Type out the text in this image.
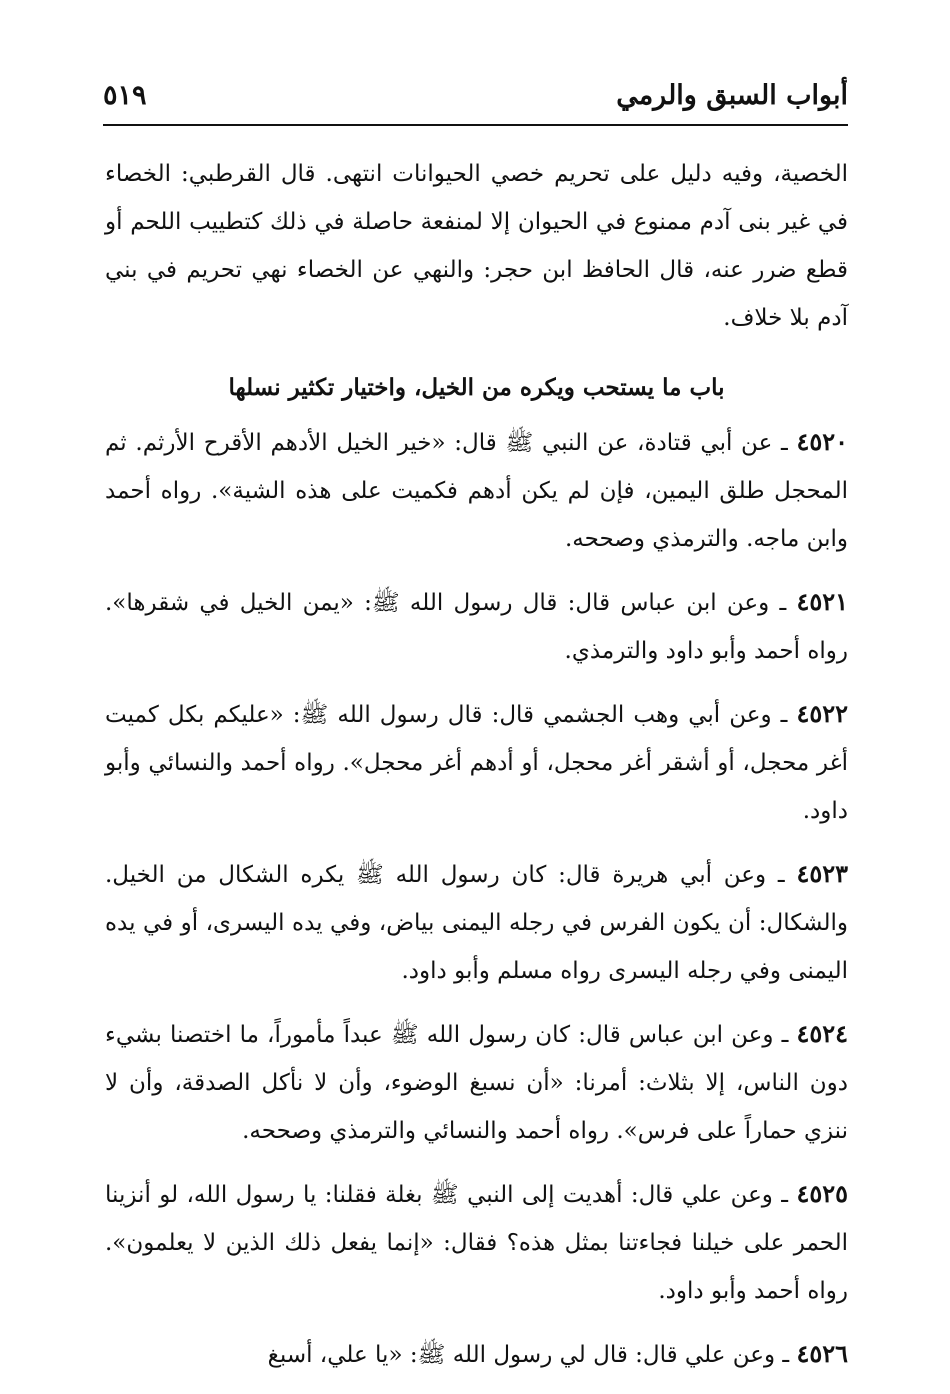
أبواب السبق والرمي
٥١٩

الخصية، وفيه دليل على تحريم خصي الحيوانات انتهى. قال القرطبي: الخصاء في غير بنى آدم ممنوع في الحيوان إلا لمنفعة حاصلة في ذلك كتطييب اللحم أو قطع ضرر عنه، قال الحافظ ابن حجر: والنهي عن الخصاء نهي تحريم في بني آدم بلا خلاف.

باب ما يستحب ويكره من الخيل، واختيار تكثير نسلها

٤٥٢٠ ـ عن أبي قتادة، عن النبي ﷺ قال: «خير الخيل الأدهم الأقرح الأرثم. ثم المحجل طلق اليمين، فإن لم يكن أدهم فكميت على هذه الشية». رواه أحمد وابن ماجه. والترمذي وصححه.

٤٥٢١ ـ وعن ابن عباس قال: قال رسول الله ﷺ: «يمن الخيل في شقرها». رواه أحمد وأبو داود والترمذي.

٤٥٢٢ ـ وعن أبي وهب الجشمي قال: قال رسول الله ﷺ: «عليكم بكل كميت أغر محجل، أو أشقر أغر محجل، أو أدهم أغر محجل». رواه أحمد والنسائي وأبو داود.

٤٥٢٣ ـ وعن أبي هريرة قال: كان رسول الله ﷺ يكره الشكال من الخيل. والشكال: أن يكون الفرس في رجله اليمنى بياض، وفي يده اليسرى، أو في يده اليمنى وفي رجله اليسرى رواه مسلم وأبو داود.

٤٥٢٤ ـ وعن ابن عباس قال: كان رسول الله ﷺ عبداً مأموراً، ما اختصنا بشيء دون الناس، إلا بثلاث: أمرنا: «أن نسبغ الوضوء، وأن لا نأكل الصدقة، وأن لا ننزي حماراً على فرس». رواه أحمد والنسائي والترمذي وصححه.

٤٥٢٥ ـ وعن علي قال: أهديت إلى النبي ﷺ بغلة فقلنا: يا رسول الله، لو أنزينا الحمر على خيلنا فجاءتنا بمثل هذه؟ فقال: «إنما يفعل ذلك الذين لا يعلمون». رواه أحمد وأبو داود.

٤٥٢٦ ـ وعن علي قال: قال لي رسول الله ﷺ: «يا علي، أسبغ
